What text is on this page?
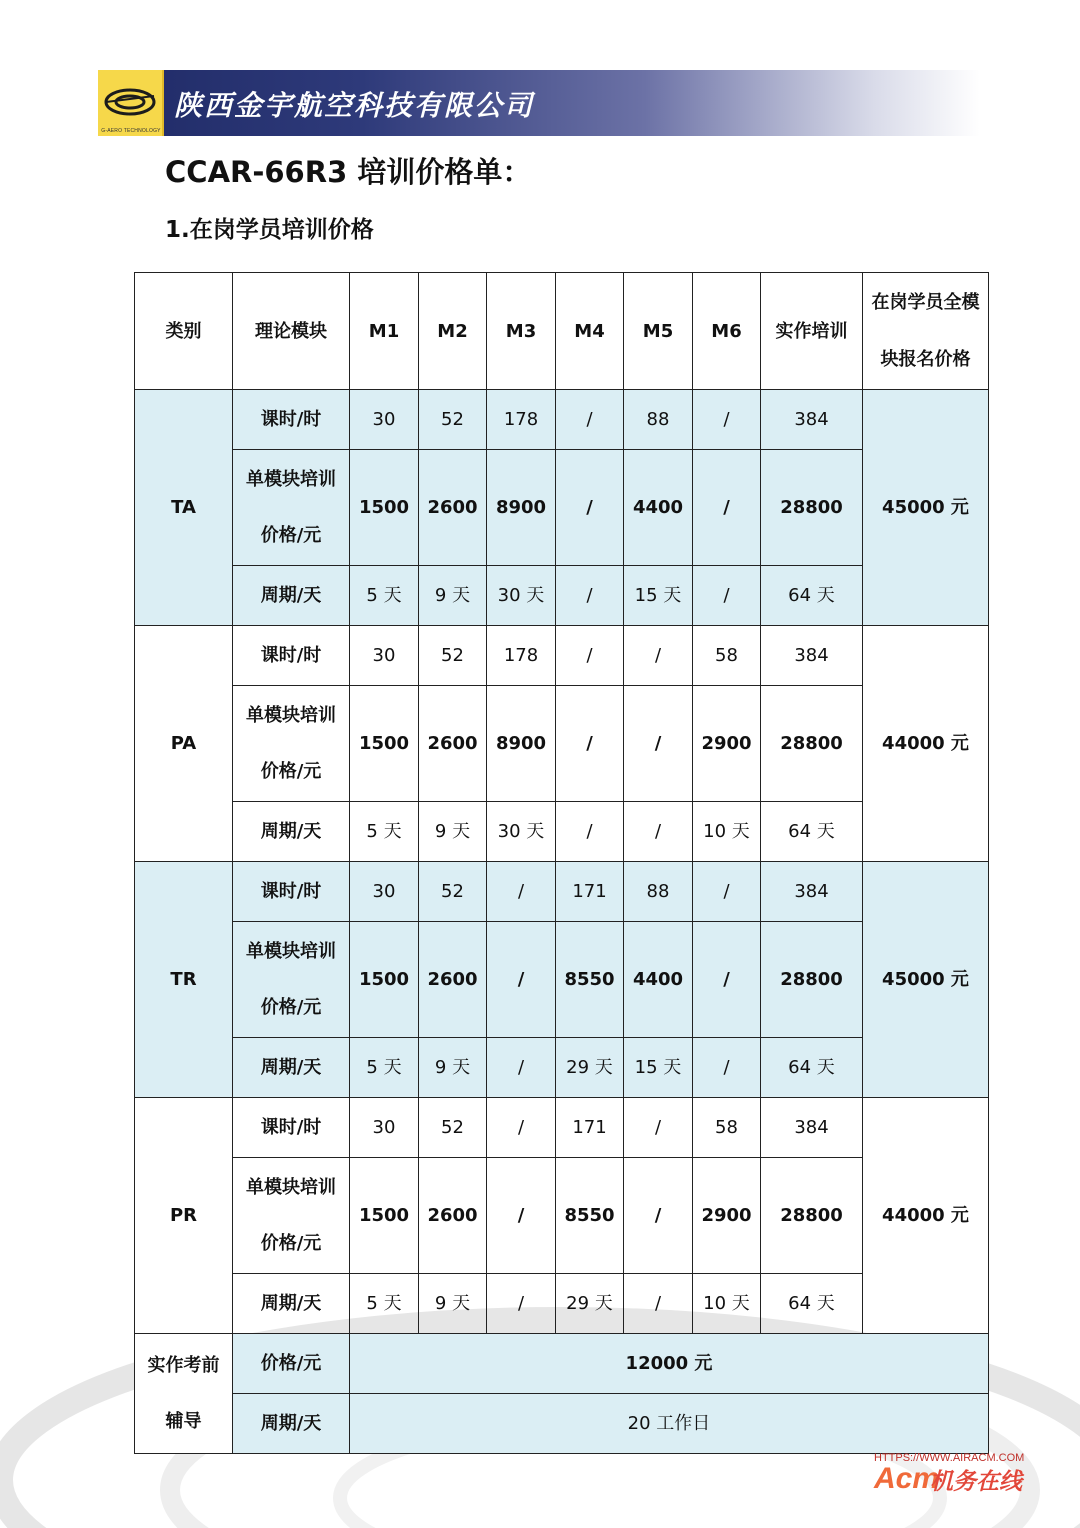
G-AERO TECHNOLOGY
陕西金宇航空科技有限公司
CCAR-66R3 培训价格单：
1.在岗学员培训价格
类别	理论模块	M1	M2	M3	M4	M5	M6	实作培训	在岗学员全模
块报名价格

TA	课时/时	30	52	178	/	88	/	384	45000 元

	单模块培训
价格/元	1500	2600	8900	/	4400	/	28800	
	周期/天	5 天	9 天	30 天	/	15 天	/	64 天	
PA	课时/时	30	52	178	/	/	58	384	44000 元

	单模块培训
价格/元	1500	2600	8900	/	/	2900	28800	
	周期/天	5 天	9 天	30 天	/	/	10 天	64 天	
TR	课时/时	30	52	/	171	88	/	384	45000 元

	单模块培训
价格/元	1500	2600	/	8550	4400	/	28800	
	周期/天	5 天	9 天	/	29 天	15 天	/	64 天	
PR	课时/时	30	52	/	171	/	58	384	44000 元

	单模块培训
价格/元	1500	2600	/	8550	/	2900	28800	
	周期/天	5 天	9 天	/	29 天	/	10 天	64 天	

实作考前
辅导	价格/元	12000 元							
	周期/天	20 工作日							
Acm
HTTPS://WWW.AIRACM.COM
机务在线
